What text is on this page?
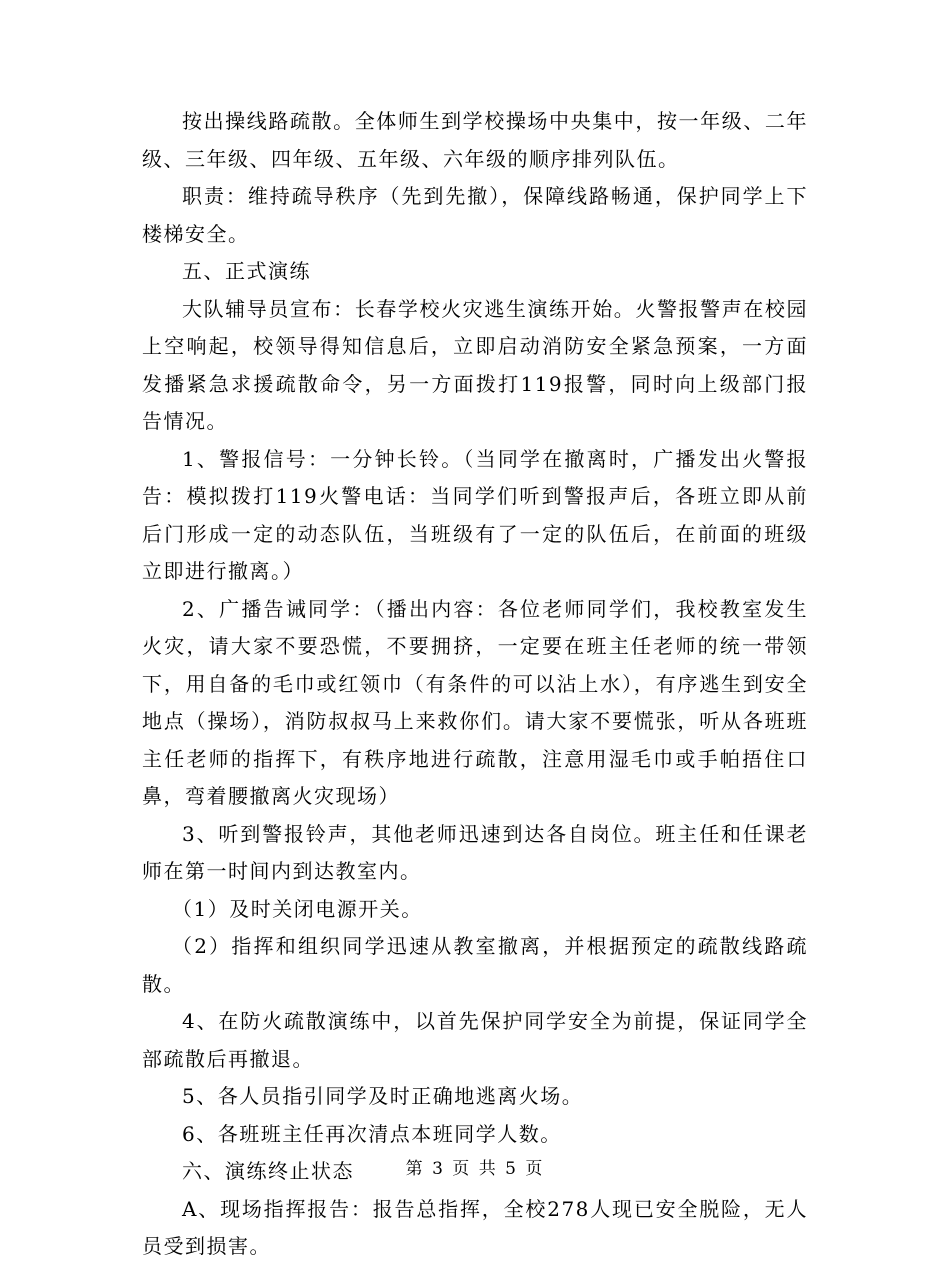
按出操线路疏散。全体师生到学校操场中央集中，按一年级、二年级、三年级、四年级、五年级、六年级的顺序排列队伍。

职责：维持疏导秩序（先到先撤），保障线路畅通，保护同学上下楼梯安全。

五、正式演练

大队辅导员宣布：长春学校火灾逃生演练开始。火警报警声在校园上空响起，校领导得知信息后，立即启动消防安全紧急预案，一方面发播紧急求援疏散命令，另一方面拨打119报警，同时向上级部门报告情况。

1、警报信号：一分钟长铃。（当同学在撤离时，广播发出火警报告：模拟拨打119火警电话：当同学们听到警报声后，各班立即从前后门形成一定的动态队伍，当班级有了一定的队伍后，在前面的班级立即进行撤离。）

2、广播告诫同学：（播出内容：各位老师同学们，我校教室发生火灾，请大家不要恐慌，不要拥挤，一定要在班主任老师的统一带领下，用自备的毛巾或红领巾（有条件的可以沾上水），有序逃生到安全地点（操场），消防叔叔马上来救你们。请大家不要慌张，听从各班班主任老师的指挥下，有秩序地进行疏散，注意用湿毛巾或手帕捂住口鼻，弯着腰撤离火灾现场）

3、听到警报铃声，其他老师迅速到达各自岗位。班主任和任课老师在第一时间内到达教室内。

（1）及时关闭电源开关。

（2）指挥和组织同学迅速从教室撤离，并根据预定的疏散线路疏散。

4、在防火疏散演练中，以首先保护同学安全为前提，保证同学全部疏散后再撤退。

5、各人员指引同学及时正确地逃离火场。

6、各班班主任再次清点本班同学人数。

六、演练终止状态

A、现场指挥报告：报告总指挥，全校278人现已安全脱险，无人员受到损害。

第 3 页 共 5 页
